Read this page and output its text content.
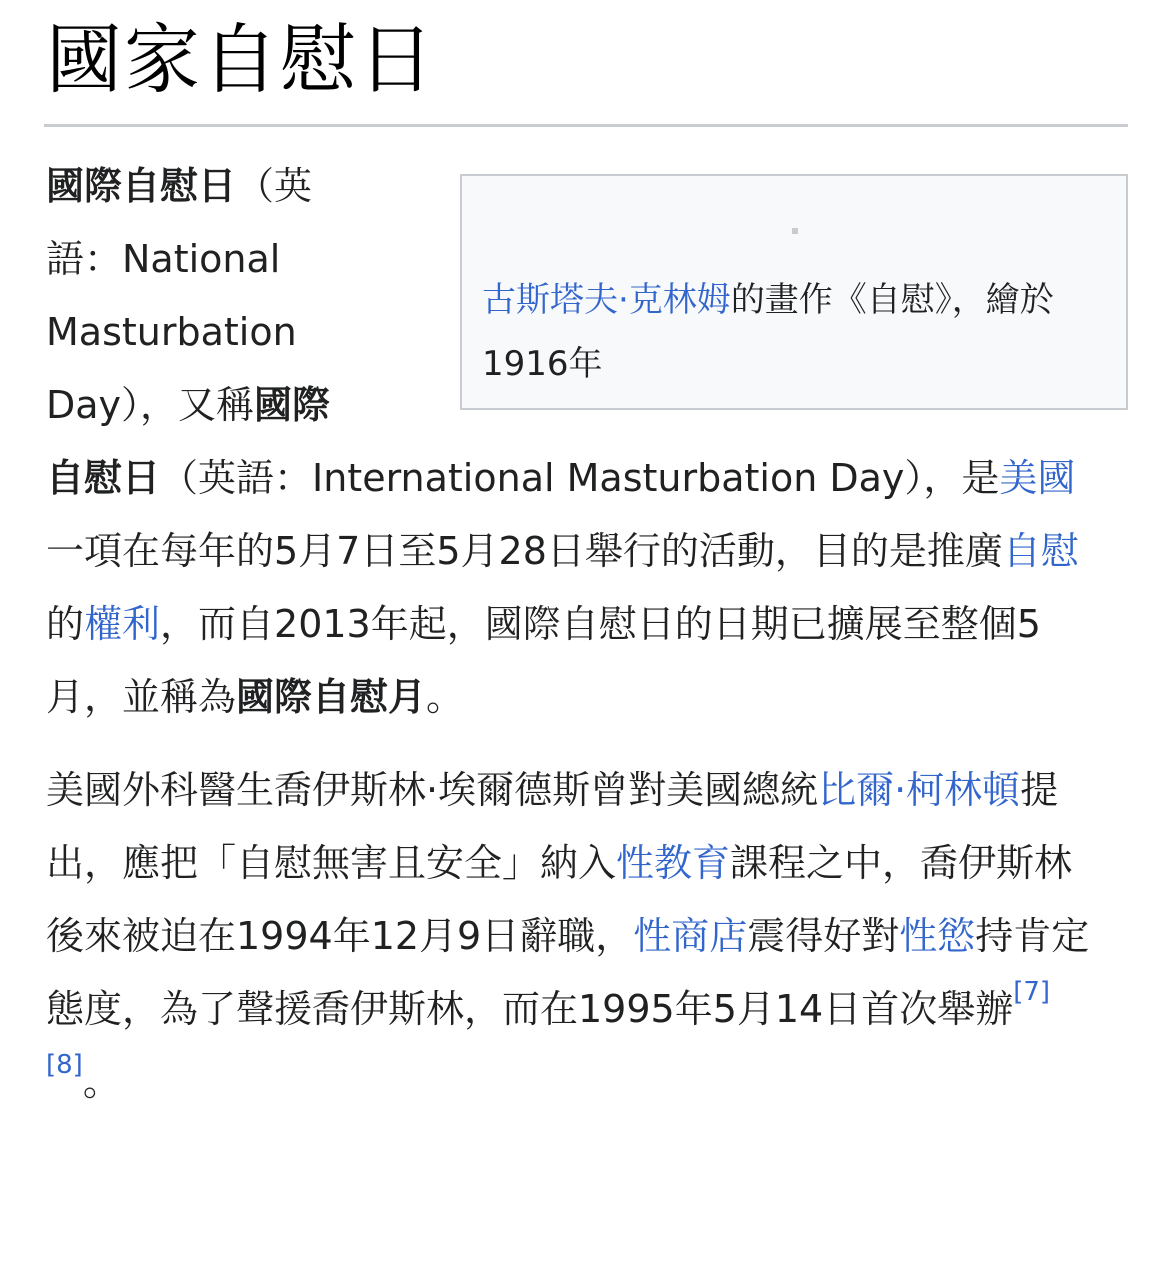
國家自慰日
古斯塔夫·克林姆的畫作《自慰》，繪於1916年

國際自慰日（英語：National Masturbation Day），又稱國際自慰日（英語：International Masturbation Day），是美國一項在每年的5月7日至5月28日舉行的活動，目的是推廣自慰的權利，而自2013年起，國際自慰日的日期已擴展至整個5月，並稱為國際自慰月。

美國外科醫生喬伊斯林·埃爾德斯曾對美國總統比爾·柯林頓提出，應把「自慰無害且安全」納入性教育課程之中，喬伊斯林後來被迫在1994年12月9日辭職，性商店震得好對性慾持肯定態度，為了聲援喬伊斯林，而在1995年5月14日首次舉辦[7][8]。
